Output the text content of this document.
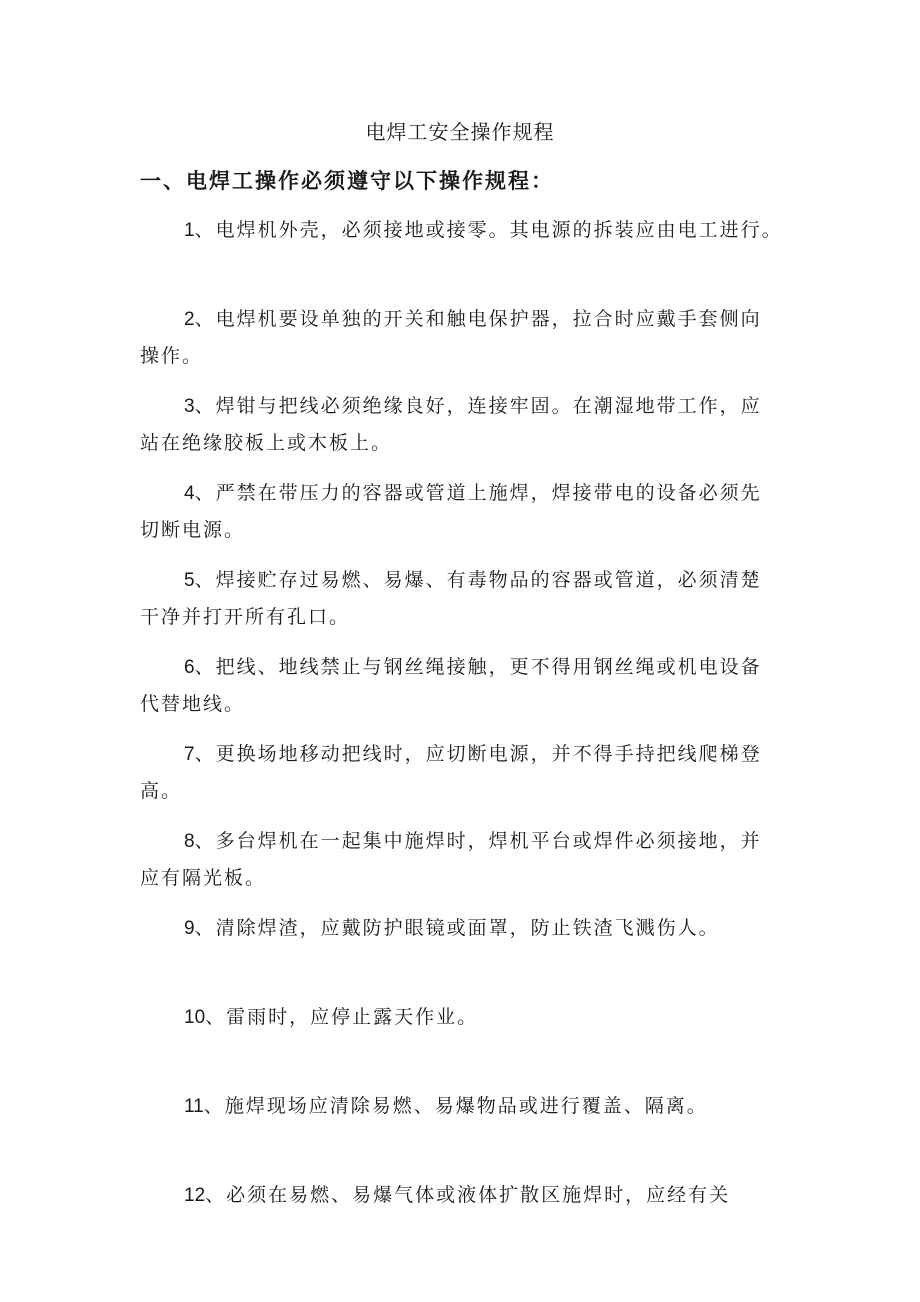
电焊工安全操作规程
一、电焊工操作必须遵守以下操作规程：
1、电焊机外壳，必须接地或接零。其电源的拆装应由电工进行。
2、电焊机要设单独的开关和触电保护器，拉合时应戴手套侧向
操作。
3、焊钳与把线必须绝缘良好，连接牢固。在潮湿地带工作，应
站在绝缘胶板上或木板上。
4、严禁在带压力的容器或管道上施焊，焊接带电的设备必须先
切断电源。
5、焊接贮存过易燃、易爆、有毒物品的容器或管道，必须清楚
干净并打开所有孔口。
6、把线、地线禁止与钢丝绳接触，更不得用钢丝绳或机电设备
代替地线。
7、更换场地移动把线时，应切断电源，并不得手持把线爬梯登
高。
8、多台焊机在一起集中施焊时，焊机平台或焊件必须接地，并
应有隔光板。
9、清除焊渣，应戴防护眼镜或面罩，防止铁渣飞溅伤人。
10、雷雨时，应停止露天作业。
11、施焊现场应清除易燃、易爆物品或进行覆盖、隔离。
12、必须在易燃、易爆气体或液体扩散区施焊时，应经有关
